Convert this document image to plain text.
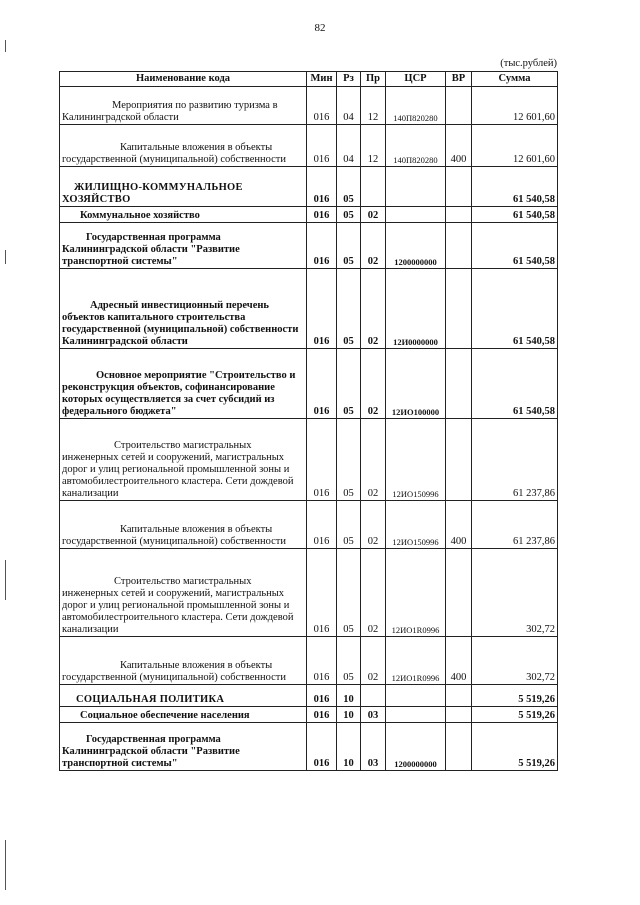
82
(тыс.рублей)
Наименование кода	Мин	Рз	Пр	ЦСР	ВР	Сумма

Мероприятия по развитию туризма в Калининградской области	016	04	12	140П820280		12 601,60

Капитальные вложения в объекты государственной (муниципальной) собственности	016	04	12	140П820280	400	12 601,60

ЖИЛИЩНО-КОММУНАЛЬНОЕ ХОЗЯЙСТВО	016	05				61 540,58

Коммунальное хозяйство	016	05	02			61 540,58

Государственная программа Калининградской области "Развитие транспортной системы"	016	05	02	1200000000		61 540,58

Адресный инвестиционный перечень объектов капитального строительства государственной (муниципальной) собственности Калининградской области	016	05	02	12И0000000		61 540,58

Основное мероприятие "Строительство и реконструкция объектов, софинансирование которых осуществляется за счет субсидий из федерального бюджета"	016	05	02	12ИО100000		61 540,58

Строительство магистральных инженерных сетей и сооружений, магистральных дорог и улиц региональной промышленной зоны и автомобилестроительного кластера. Сети дождевой канализации	016	05	02	12ИО150996		61 237,86

Капитальные вложения в объекты государственной (муниципальной) собственности	016	05	02	12ИО150996	400	61 237,86

Строительство магистральных инженерных сетей и сооружений, магистральных дорог и улиц региональной промышленной зоны и автомобилестроительного кластера. Сети дождевой канализации	016	05	02	12ИО1R0996		302,72

Капитальные вложения в объекты государственной (муниципальной) собственности	016	05	02	12ИО1R0996	400	302,72

СОЦИАЛЬНАЯ ПОЛИТИКА	016	10				5 519,26

Социальное обеспечение населения	016	10	03			5 519,26

Государственная программа Калининградской области "Развитие транспортной системы"	016	10	03	1200000000		5 519,26
